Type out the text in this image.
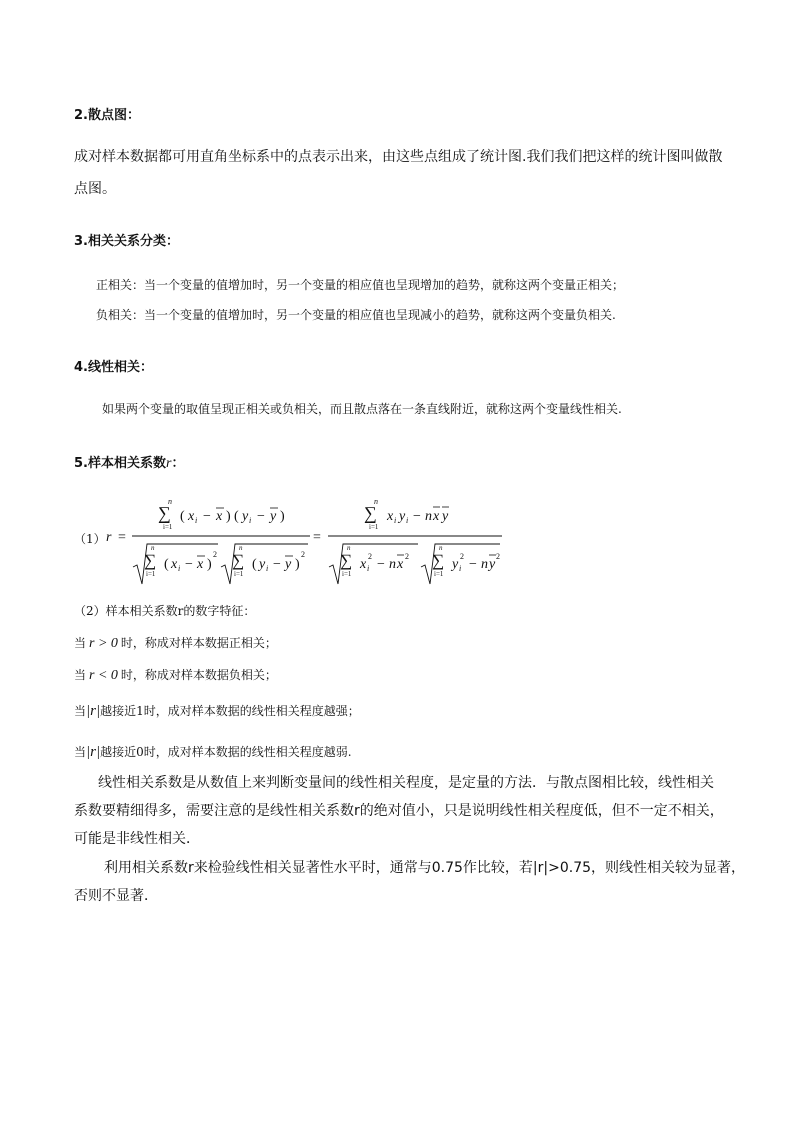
2.散点图：
成对样本数据都可用直角坐标系中的点表示出来，由这些点组成了统计图.我们我们把这样的统计图叫做散
点图。
3.相关关系分类：
正相关：当一个变量的值增加时，另一个变量的相应值也呈现增加的趋势，就称这两个变量正相关；
负相关：当一个变量的值增加时，另一个变量的相应值也呈现减小的趋势，就称这两个变量负相关.
4.线性相关：
如果两个变量的取值呈现正相关或负相关，而且散点落在一条直线附近，就称这两个变量线性相关.
5.样本相关系数r：
（1） r =
n
∑
i=1
( x i − x ) ( y i − y )
n
∑
i=1
( x i − x )
2
n
∑
i=1
( y i − y )
2
=
n
∑
i=1
x i y i − n x y
n
∑
i=1
x i
2
− n x
2
n
∑
i=1
y i
2
− n y
2
（2）样本相关系数r的数字特征：
当 r > 0 时，称成对样本数据正相关；
当 r < 0 时，称成对样本数据负相关；
当|r|越接近1时，成对样本数据的线性相关程度越强；
当|r|越接近0时，成对样本数据的线性相关程度越弱.
线性相关系数是从数值上来判断变量间的线性相关程度，是定量的方法．与散点图相比较，线性相关
系数要精细得多，需要注意的是线性相关系数r的绝对值小，只是说明线性相关程度低，但不一定不相关，
可能是非线性相关．
利用相关系数r来检验线性相关显著性水平时，通常与0.75作比较，若|r|>0.75，则线性相关较为显著，
否则不显著．
